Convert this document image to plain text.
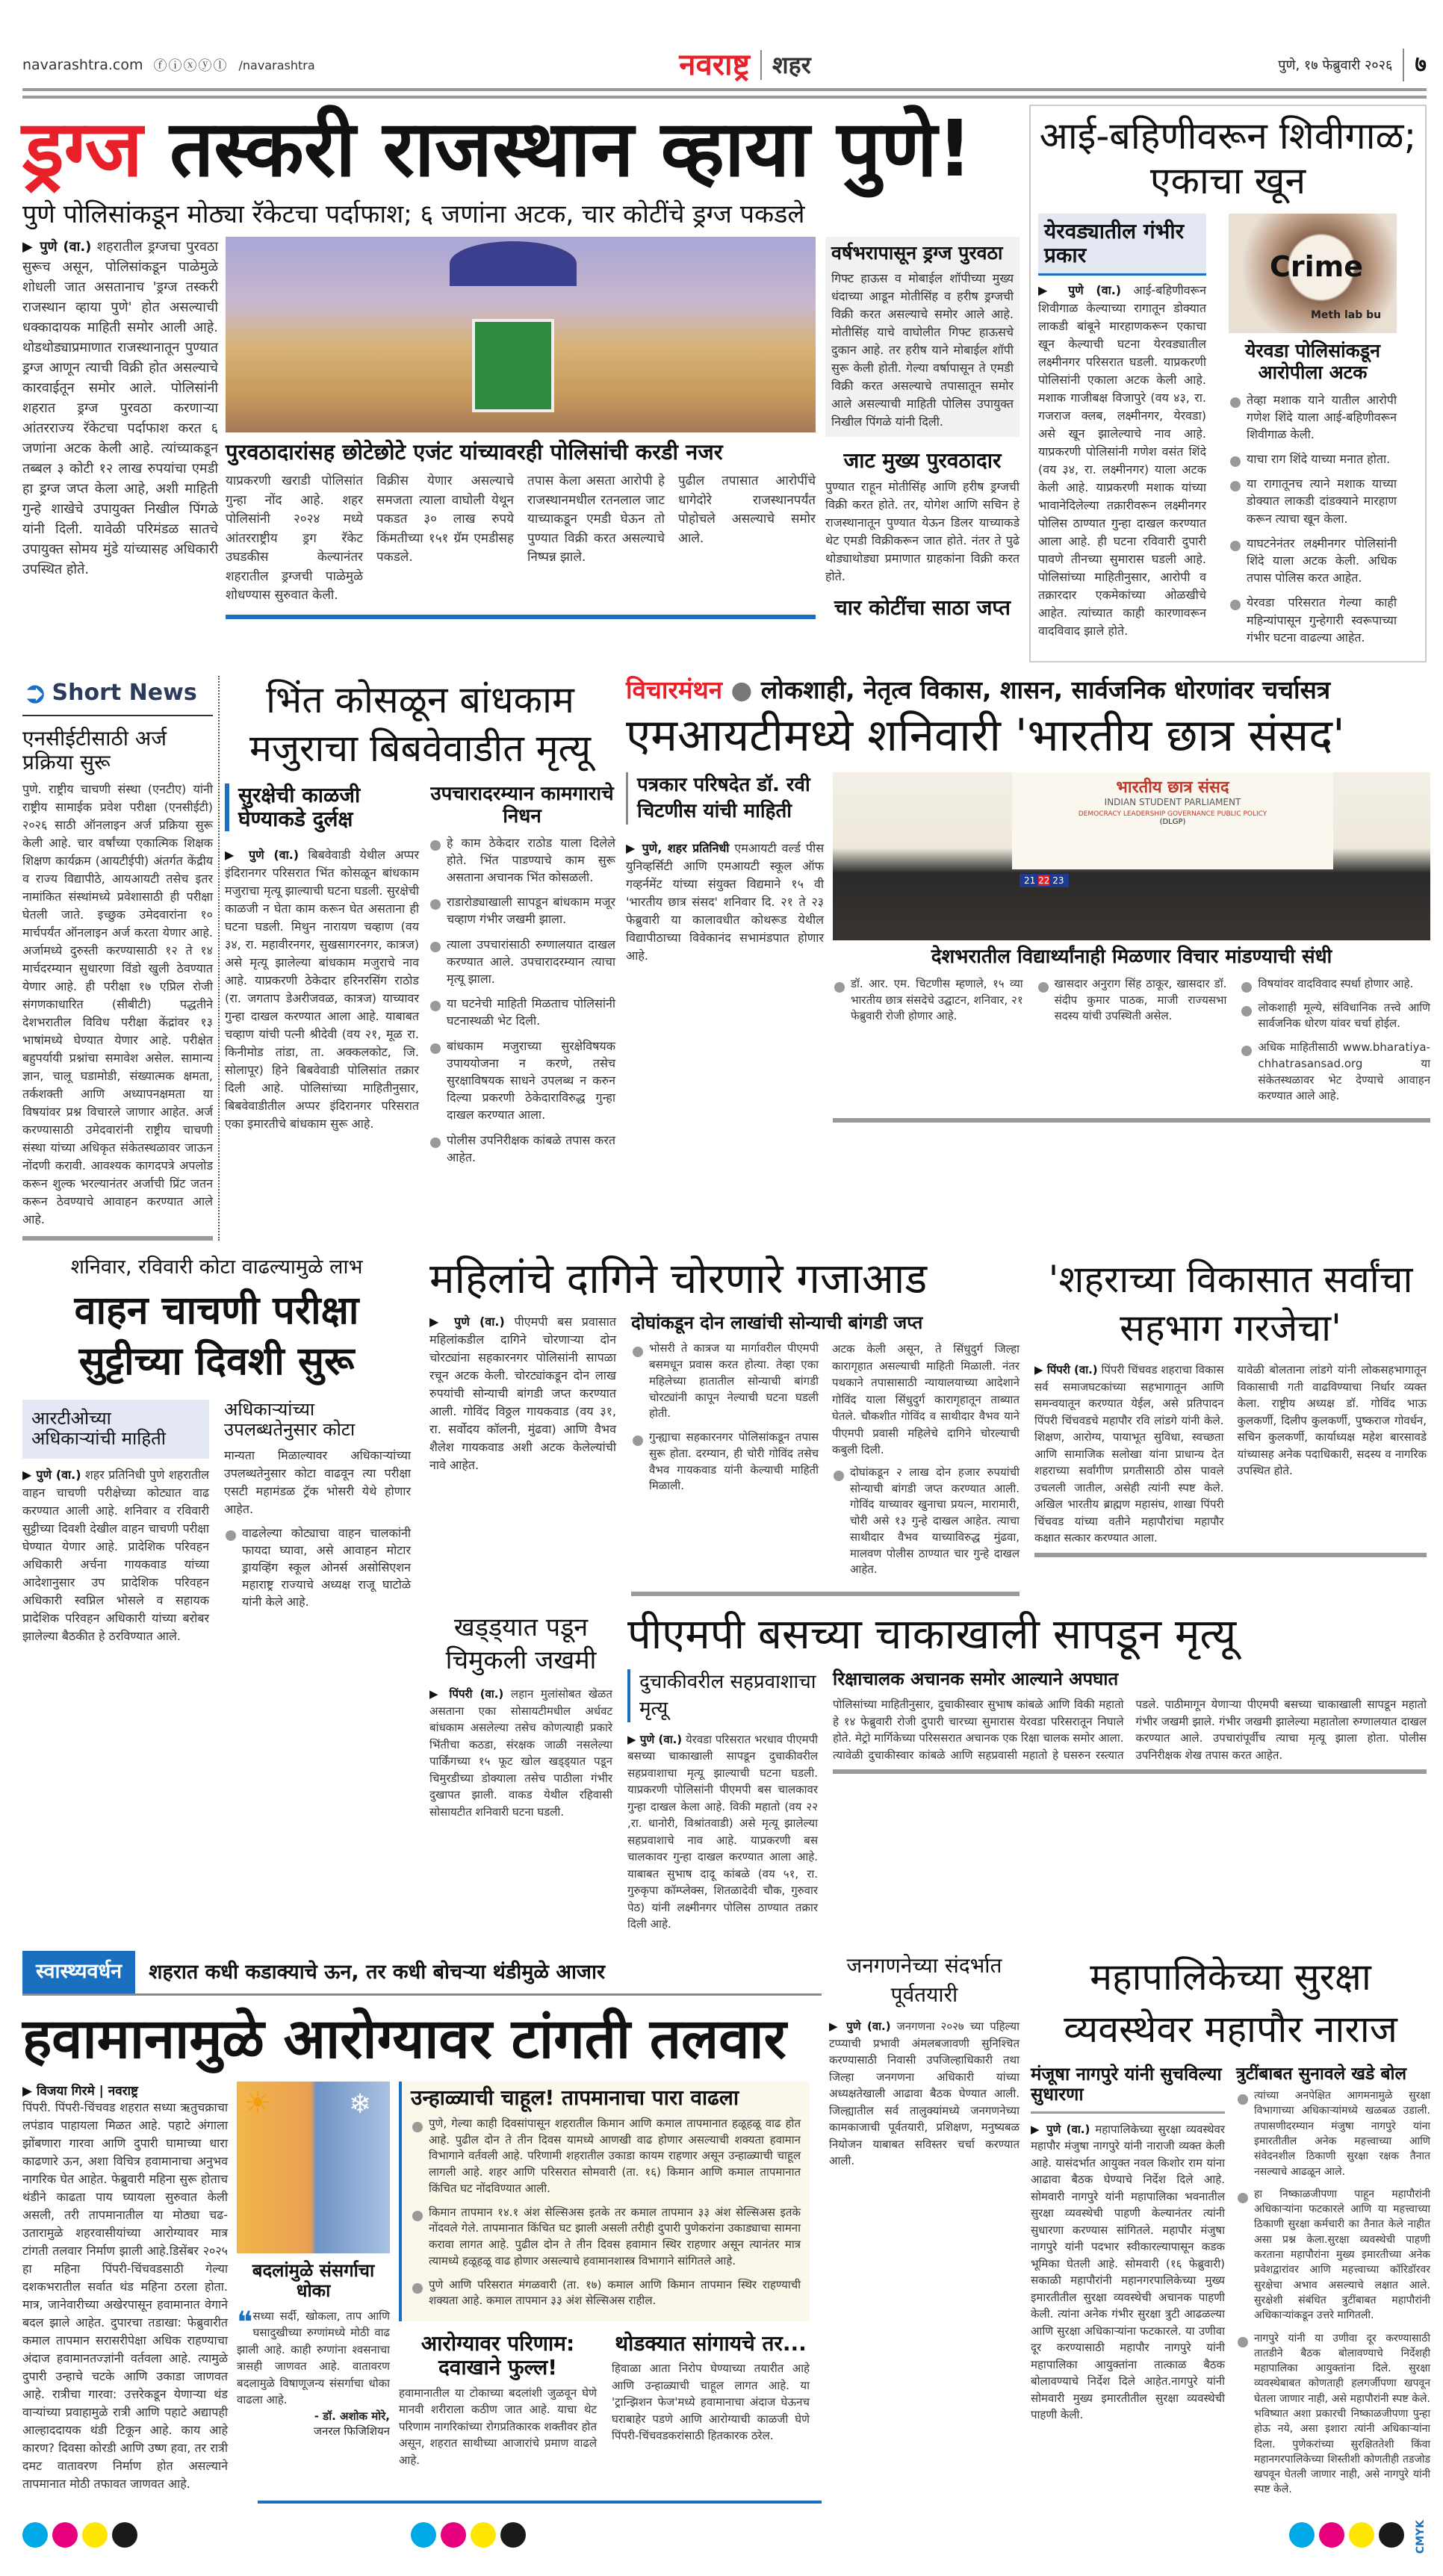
navarashtra.com ⓕⓘⓧⓨⓛ /navarashtra	नवराष्ट्र शहर	पुणे, १७ फेब्रुवारी २०२६ ७
ड्रग्ज तस्करी राजस्थान व्हाया पुणे!
पुणे पोलिसांकडून मोठ्या रॅकेटचा पर्दाफाश; ६ जणांना अटक, चार कोटींचे ड्रग्ज पकडले
▶ पुणे (वा.) शहरातील ड्रग्जचा पुरवठा सुरूच असून, पोलिसांकडून पाळेमुळे शोधली जात असतानाच 'ड्रग्ज तस्करी राजस्थान व्हाया पुणे' होत असल्याची धक्कादायक माहिती समोर आली आहे. थोडथोड्याप्रमाणात राजस्थानातून पुण्यात ड्रग्ज आणून त्याची विक्री होत असल्याचे कारवाईतून समोर आले. पोलिसांनी शहरात ड्रग्ज पुरवठा करणाऱ्या आंतरराज्य रॅकेटचा पर्दाफाश करत ६ जणांना अटक केली आहे. त्यांच्याकडून तब्बल ३ कोटी १२ लाख रुपयांचा एमडी हा ड्रग्ज जप्त केला आहे, अशी माहिती गुन्हे शाखेचे उपायुक्त निखील पिंगळे यांनी दिली. यावेळी परिमंडळ सातचे उपायुक्त सोमय मुंडे यांच्यासह अधिकारी उपस्थित होते.
पुरवठादारांसह छोटेछोटे एजंट यांच्यावरही पोलिसांची करडी नजर
याप्रकरणी खराडी पोलिसांत गुन्हा नोंद आहे. शहर पोलिसांनी २०२४ मध्ये आंतरराष्ट्रीय ड्रग रॅकेट उघडकीस केल्यानंतर शहरातील ड्रग्जची पाळेमुळे शोधण्यास सुरुवात केली.
विक्रीस येणार असल्याचे समजता त्याला वाघोली येथून पकडत ३० लाख रुपये किंमतीच्या १५१ ग्रॅम एमडीसह पकडले.
तपास केला असता आरोपी हे राजस्थानमधील रतनलाल जाट याच्याकडून एमडी घेऊन तो पुण्यात विक्री करत असल्याचे निष्पन्न झाले.
पुढील तपासात आरोपींचे धागेदोरे राजस्थानपर्यंत पोहोचले असल्याचे समोर आले.
वर्षभरापासून ड्रग्ज पुरवठा
गिफ्ट हाऊस व मोबाईल शॉपीच्या मुख्य धंदाच्या आडून मोतीसिंह व हरीष ड्रग्जची विक्री करत असल्याचे समोर आले आहे. मोतीसिंह याचे वाघोलीत गिफ्ट हाऊसचे दुकान आहे. तर हरीष याने मोबाईल शॉपी सुरू केली होती. गेल्या वर्षापासून ते एमडी विक्री करत असल्याचे तपासातून समोर आले असल्याची माहिती पोलिस उपायुक्त निखील पिंगळे यांनी दिली.
जाट मुख्य पुरवठादार
पुण्यात राहून मोतीसिंह आणि हरीष ड्रग्जची विक्री करत होते. तर, योगेश आणि सचिन हे राजस्थानातून पुण्यात येऊन डिलर याच्याकडे थेट एमडी विक्रीकरून जात होते. नंतर ते पुढे थोड्याथोड्या प्रमाणात ग्राहकांना विक्री करत होते.
चार कोटींचा साठा जप्त
आई-बहिणीवरून शिवीगाळ; एकाचा खून
येरवड्यातील गंभीर प्रकार
▶ पुणे (वा.) आई-बहिणीवरून शिवीगाळ केल्याच्या रागातून डोक्यात लाकडी बांबूने मारहाणकरून एकाचा खून केल्याची घटना येरवड्यातील लक्ष्मीनगर परिसरात घडली. याप्रकरणी पोलिसांनी एकाला अटक केली आहे. मशाक गाजीबक्ष विजापुरे (वय ४३, रा. गजराज क्लब, लक्ष्मीनगर, येरवडा) असे खून झालेल्याचे नाव आहे. याप्रकरणी पोलिसांनी गणेश वसंत शिंदे (वय ३४, रा. लक्ष्मीनगर) याला अटक केली आहे. याप्रकरणी मशाक यांच्या भावानेदिलेल्या तक्रारीवरून लक्ष्मीनगर पोलिस ठाण्यात गुन्हा दाखल करण्यात आला आहे. ही घटना रविवारी दुपारी पावणे तीनच्या सुमारास घडली आहे. पोलिसांच्या माहितीनुसार, आरोपी व तक्रारदार एकमेकांच्या ओळखीचे आहेत. त्यांच्यात काही कारणावरून वादविवाद झाले होते.
Crime
Meth lab bu
येरवडा पोलिसांकडून आरोपीला अटक
तेव्हा मशाक याने यातील आरोपी गणेश शिंदे याला आई-बहिणीवरून शिवीगाळ केली.
याचा राग शिंदे याच्या मनात होता.
या रागातूनच त्याने मशाक याच्या डोक्यात लाकडी दांडक्याने मारहाण करून त्याचा खून केला.
याघटनेनंतर लक्ष्मीनगर पोलिसांनी शिंदे याला अटक केली. अधिक तपास पोलिस करत आहेत.
येरवडा परिसरात गेल्या काही महिन्यांपासून गुन्हेगारी स्वरूपाच्या गंभीर घटना वाढल्या आहेत.
➲ Short News
एनसीईटीसाठी अर्ज प्रक्रिया सुरू
पुणे. राष्ट्रीय चाचणी संस्था (एनटीए) यांनी राष्ट्रीय सामाईक प्रवेश परीक्षा (एनसीईटी) २०२६ साठी ऑनलाइन अर्ज प्रक्रिया सुरू केली आहे. चार वर्षांच्या एकात्मिक शिक्षक शिक्षण कार्यक्रम (आयटीईपी) अंतर्गत केंद्रीय व राज्य विद्यापीठे, आयआयटी तसेच इतर नामांकित संस्थांमध्ये प्रवेशासाठी ही परीक्षा घेतली जाते. इच्छुक उमेदवारांना १० मार्चपर्यंत ऑनलाइन अर्ज करता येणार आहे. अर्जामध्ये दुरुस्ती करण्यासाठी १२ ते १४ मार्चदरम्यान सुधारणा विंडो खुली ठेवण्यात येणार आहे. ही परीक्षा १७ एप्रिल रोजी संगणकाधारित (सीबीटी) पद्धतीने देशभरातील विविध परीक्षा केंद्रांवर १३ भाषांमध्ये घेण्यात येणार आहे. परीक्षेत बहुपर्यायी प्रश्नांचा समावेश असेल. सामान्य ज्ञान, चालू घडामोडी, संख्यात्मक क्षमता, तर्कशक्ती आणि अध्यापनक्षमता या विषयांवर प्रश्न विचारले जाणार आहेत. अर्ज करण्यासाठी उमेदवारांनी राष्ट्रीय चाचणी संस्था यांच्या अधिकृत संकेतस्थळावर जाऊन नोंदणी करावी. आवश्यक कागदपत्रे अपलोड करून शुल्क भरल्यानंतर अर्जाची प्रिंट जतन करून ठेवण्याचे आवाहन करण्यात आले आहे.
भिंत कोसळून बांधकाम मजुराचा बिबवेवाडीत मृत्यू
सुरक्षेची काळजी घेण्याकडे दुर्लक्ष
▶ पुणे (वा.) बिबवेवाडी येथील अप्पर इंदिरानगर परिसरात भिंत कोसळून बांधकाम मजुराचा मृत्यू झाल्याची घटना घडली. सुरक्षेची काळजी न घेता काम करून घेत असताना ही घटना घडली. मिथुन नारायण चव्हाण (वय ३४, रा. महावीरनगर, सुखसागरनगर, कात्रज) असे मृत्यू झालेल्या बांधकाम मजुराचे नाव आहे. याप्रकरणी ठेकेदार हरिनरसिंग राठोड (रा. जगताप डेअरीजवळ, कात्रज) याच्यावर गुन्हा दाखल करण्यात आला आहे. याबाबत चव्हाण यांची पत्नी श्रीदेवी (वय २१, मूळ रा. किनीमोड तांडा, ता. अक्कलकोट, जि. सोलापूर) हिने बिबवेवाडी पोलिसांत तक्रार दिली आहे. पोलिसांच्या माहितीनुसार, बिबवेवाडीतील अप्पर इंदिरानगर परिसरात एका इमारतीचे बांधकाम सुरू आहे.
उपचारादरम्यान कामगाराचे निधन
हे काम ठेकेदार राठोड याला दिलेले होते. भिंत पाडण्याचे काम सुरू असताना अचानक भिंत कोसळली.
राडारोड्याखाली सापडून बांधकाम मजूर चव्हाण गंभीर जखमी झाला.
त्याला उपचारांसाठी रुग्णालयात दाखल करण्यात आले. उपचारादरम्यान त्याचा मृत्यू झाला.
या घटनेची माहिती मिळताच पोलिसांनी घटनास्थळी भेट दिली.
बांधकाम मजुराच्या सुरक्षेविषयक उपाययोजना न करणे, तसेच सुरक्षाविषयक साधने उपलब्ध न करुन दिल्या प्रकरणी ठेकेदाराविरुद्ध गुन्हा दाखल करण्यात आला.
पोलीस उपनिरीक्षक कांबळे तपास करत आहेत.
विचारमंथन ● लोकशाही, नेतृत्व विकास, शासन, सार्वजनिक धोरणांवर चर्चासत्र
एमआयटीमध्ये शनिवारी 'भारतीय छात्र संसद'
पत्रकार परिषदेत डॉ. रवी चिटणीस यांची माहिती
▶ पुणे, शहर प्रतिनिधी एमआयटी वर्ल्ड पीस युनिव्हर्सिटी आणि एमआयटी स्कूल ऑफ गव्हर्नमेंट यांच्या संयुक्त विद्यमाने १५ वी 'भारतीय छात्र संसद' शनिवार दि. २१ ते २३ फेब्रुवारी या कालावधीत कोथरूड येथील विद्यापीठाच्या विवेकानंद सभामंडपात होणार आहे.
भारतीय छात्र संसद
INDIAN STUDENT PARLIAMENT
DEMOCRACY LEADERSHIP GOVERNANCE PUBLIC POLICY
(DLGP)
21 22 23
देशभरातील विद्यार्थ्यांनाही मिळणार विचार मांडण्याची संधी
डॉ. आर. एम. चिटणीस म्हणाले, १५ व्या भारतीय छात्र संसदेचे उद्घाटन, शनिवार, २१ फेब्रुवारी रोजी होणार आहे.
खासदार अनुराग सिंह ठाकूर, खासदार डॉ. संदीप कुमार पाठक, माजी राज्यसभा सदस्य यांची उपस्थिती असेल.
विषयांवर वादविवाद स्पर्धा होणार आहे.
लोकशाही मूल्ये, संविधानिक तत्त्वे आणि सार्वजनिक धोरण यांवर चर्चा होईल.
अधिक माहितीसाठी www.bharatiya-chhatrasansad.org या संकेतस्थळावर भेट देण्याचे आवाहन करण्यात आले आहे.
शनिवार, रविवारी कोटा वाढल्यामुळे लाभ
वाहन चाचणी परीक्षा सुट्टीच्या दिवशी सुरू
आरटीओच्या अधिकाऱ्यांची माहिती
▶ पुणे (वा.) शहर प्रतिनिधी पुणे शहरातील वाहन चाचणी परीक्षेच्या कोट्यात वाढ करण्यात आली आहे. शनिवार व रविवारी सुट्टीच्या दिवशी देखील वाहन चाचणी परीक्षा घेण्यात येणार आहे. प्रादेशिक परिवहन अधिकारी अर्चना गायकवाड यांच्या आदेशानुसार उप प्रादेशिक परिवहन अधिकारी स्वप्निल भोसले व सहायक प्रादेशिक परिवहन अधिकारी यांच्या बरोबर झालेल्या बैठकीत हे ठरविण्यात आले.
अधिकाऱ्यांच्या उपलब्धतेनुसार कोटा
मान्यता मिळाल्यावर अधिकाऱ्यांच्या उपलब्धतेनुसार कोटा वाढवून त्या परीक्षा एसटी महामंडळ ट्रॅक भोसरी येथे होणार आहेत.
वाढलेल्या कोट्याचा वाहन चालकांनी फायदा घ्यावा, असे आवाहन मोटार ड्रायव्हिंग स्कूल ओनर्स असोसिएशन महाराष्ट्र राज्याचे अध्यक्ष राजू घाटोळे यांनी केले आहे.
महिलांचे दागिने चोरणारे गजाआड
▶ पुणे (वा.) पीएमपी बस प्रवासात महिलांकडील दागिने चोरणाऱ्या दोन चोरट्यांना सहकारनगर पोलिसांनी सापळा रचून अटक केली. चोरट्यांकडून दोन लाख रुपयांची सोन्याची बांगडी जप्त करण्यात आली. गोविंद विठ्ठल गायकवाड (वय ३१, रा. सर्वोदय कॉलनी, मुंढवा) आणि वैभव शैलेश गायकवाड अशी अटक केलेल्यांची नावे आहेत.
दोघांकडून दोन लाखांची सोन्याची बांगडी जप्त
भोसरी ते कात्रज या मार्गावरील पीएमपी बसमधून प्रवास करत होत्या. तेव्हा एका महिलेच्या हातातील सोन्याची बांगडी चोरट्यांनी कापून नेल्याची घटना घडली होती.
गुन्ह्याचा सहकारनगर पोलिसांकडून तपास सुरू होता. दरम्यान, ही चोरी गोविंद तसेच वैभव गायकवाड यांनी केल्याची माहिती मिळाली.
अटक केली असून, ते सिंधुदुर्ग जिल्हा कारागृहात असल्याची माहिती मिळाली. नंतर पथकाने तपासासाठी न्यायालयाच्या आदेशाने गोविंद याला सिंधुदुर्ग कारागृहातून ताब्यात घेतले. चौकशीत गोविंद व साथीदार वैभव याने पीएमपी प्रवासी महिलेचे दागिने चोरल्याची कबुली दिली.
दोघांकडून २ लाख दोन हजार रुपयांची सोन्याची बांगडी जप्त करण्यात आली. गोविंद याच्यावर खुनाचा प्रयत्न, मारामारी, चोरी असे १३ गुन्हे दाखल आहेत. त्याचा साथीदार वैभव याच्याविरुद्ध मुंढवा, मालवण पोलीस ठाण्यात चार गुन्हे दाखल आहेत.
'शहराच्या विकासात सर्वांचा सहभाग गरजेचा'
▶ पिंपरी (वा.) पिंपरी चिंचवड शहराचा विकास सर्व समाजघटकांच्या सहभागातून आणि समन्वयातून करण्यात येईल, असे प्रतिपादन पिंपरी चिंचवडचे महापौर रवि लांडगे यांनी केले. शिक्षण, आरोग्य, पायाभूत सुविधा, स्वच्छता आणि सामाजिक सलोखा यांना प्राधान्य देत शहराच्या सर्वांगीण प्रगतीसाठी ठोस पावले उचलली जातील, असेही त्यांनी स्पष्ट केले. अखिल भारतीय ब्राह्मण महासंघ, शाखा पिंपरी चिंचवड यांच्या वतीने महापौरांचा महापौर कक्षात सत्कार करण्यात आला.
यावेळी बोलताना लांडगे यांनी लोकसहभागातून विकासाची गती वाढविण्याचा निर्धार व्यक्त केला. राष्ट्रीय अध्यक्ष डॉ. गोविंद भाऊ कुलकर्णी, दिलीप कुलकर्णी, पुष्कराज गोवर्धन, सचिन कुलकर्णी, कार्याध्यक्ष महेश बारसावडे यांच्यासह अनेक पदाधिकारी, सदस्य व नागरिक उपस्थित होते.
खड्ड्यात पडून चिमुकली जखमी
▶ पिंपरी (वा.) लहान मुलांसोबत खेळत असताना एका सोसायटीमधील अर्धवट बांधकाम असलेल्या तसेच कोणत्याही प्रकारे भिंतीचा कठडा, संरक्षक जाळी नसलेल्या पार्किंगच्या १५ फूट खोल खड्ड्यात पडून चिमुरडीच्या डोक्याला तसेच पाठीला गंभीर दुखापत झाली. वाकड येथील रहिवासी सोसायटीत शनिवारी घटना घडली.
पीएमपी बसच्या चाकाखाली सापडून मृत्यू
दुचाकीवरील सहप्रवाशाचा मृत्यू
▶ पुणे (वा.) येरवडा परिसरात भरधाव पीएमपी बसच्या चाकाखाली सापडून दुचाकीवरील सहप्रवाशाचा मृत्यू झाल्याची घटना घडली. याप्रकरणी पोलिसांनी पीएमपी बस चालकावर गुन्हा दाखल केला आहे. विकी महातो (वय २२ ,रा. धानोरी, विश्रांतवाडी) असे मृत्यू झालेल्या सहप्रवाशाचे नाव आहे. याप्रकरणी बस चालकावर गुन्हा दाखल करण्यात आला आहे. याबाबत सुभाष दादू कांबळे (वय ५१, रा. गुरुकृपा कॉम्प्लेक्स, शितळादेवी चौक, गुरुवार पेठ) यांनी लक्ष्मीनगर पोलिस ठाण्यात तक्रार दिली आहे.
रिक्षाचालक अचानक समोर आल्याने अपघात
पोलिसांच्या माहितीनुसार, दुचाकीस्वार सुभाष कांबळे आणि विकी महातो हे १४ फेब्रुवारी रोजी दुपारी चारच्या सुमारास येरवडा परिसरातून निघाले होते. मेट्रो मार्गिकेच्या परिससरात अचानक एक रिक्षा चालक समोर आला. त्यावेळी दुचाकीस्वार कांबळे आणि सहप्रवासी महातो हे घसरुन रस्त्यात पडले. पाठीमागून येणाऱ्या पीएमपी बसच्या चाकाखाली सापडून महातो गंभीर जखमी झाले. गंभीर जखमी झालेल्या महातोला रुग्णालयात दाखल करण्यात आले. उपचारांपूर्वीच त्याचा मृत्यू झाला होता. पोलीस उपनिरीक्षक शेख तपास करत आहेत.
स्वास्थ्यवर्धन	शहरात कधी कडाक्याचे ऊन, तर कधी बोचऱ्या थंडीमुळे आजार
हवामानामुळे आरोग्यावर टांगती तलवार
▶ विजया गिरमे | नवराष्ट्र
पिंपरी. पिंपरी-चिंचवड शहरात सध्या ऋतुचक्राचा लपंडाव पाहायला मिळत आहे. पहाटे अंगाला झोंबणारा गारवा आणि दुपारी घामाच्या धारा काढणारे ऊन, अशा विचित्र हवामानाचा अनुभव नागरिक घेत आहेत. फेब्रुवारी महिना सुरू होताच थंडीने काढता पाय घ्यायला सुरुवात केली असली, तरी तापमानातील या मोठ्या चढ-उतारामुळे शहरवासीयांच्या आरोग्यावर मात्र टांगती तलवार निर्माण झाली आहे.डिसेंबर २०२५ हा महिना पिंपरी-चिंचवडसाठी गेल्या दशकभरातील सर्वात थंड महिना ठरला होता. मात्र, जानेवारीच्या अखेरपासून हवामानात वेगाने बदल झाले आहेत. दुपारचा तडाखा: फेब्रुवारीत कमाल तापमान सरासरीपेक्षा अधिक राहण्याचा अंदाज हवामानतज्ज्ञांनी वर्तवला आहे. त्यामुळे दुपारी उन्हाचे चटके आणि उकाडा जाणवत आहे. रात्रीचा गारवा: उत्तरेकडून येणाऱ्या थंड वाऱ्यांच्या प्रवाहामुळे रात्री आणि पहाटे अद्यापही आल्हाददायक थंडी टिकून आहे. काय आहे कारण? दिवसा कोरडी आणि उष्ण हवा, तर रात्री दमट वातावरण निर्माण होत असल्याने तापमानात मोठी तफावत जाणवत आहे.
☀	❄
बदलांमुळे संसर्गाचा धोका
❝ सध्या सर्दी, खोकला, ताप आणि घसादुखीच्या रुग्णांमध्ये मोठी वाढ झाली आहे. काही रुग्णांना श्वसनाचा त्रासही जाणवत आहे. वातावरण बदलामुळे विषाणूजन्य संसर्गाचा धोका वाढला आहे.
- डॉ. अशोक मोरे,
जनरल फिजिशियन
उन्हाळ्याची चाहूल! तापमानाचा पारा वाढला
पुणे, गेल्या काही दिवसांपासून शहरातील किमान आणि कमाल तापमानात हळूहळू वाढ होत आहे. पुढील दोन ते तीन दिवस यामध्ये आणखी वाढ होणार असल्याची शक्यता हवामान विभागाने वर्तवली आहे. परिणामी शहरातील उकाडा कायम राहणार असून उन्हाळ्याची चाहूल लागली आहे. शहर आणि परिसरात सोमवारी (ता. १६) किमान आणि कमाल तापमानात किंचित घट नोंदविण्यात आली.
किमान तापमान १४.१ अंश सेल्सिअस इतके तर कमाल तापमान ३३ अंश सेल्सिअस इतके नोंदवले गेले. तापमानात किंचित घट झाली असली तरीही दुपारी पुणेकरांना उकाड्याचा सामना करावा लागत आहे. पुढील दोन ते तीन दिवस हवामान स्थिर राहणार असून त्यानंतर मात्र त्यामध्ये हळूहळू वाढ होणार असल्याचे हवामानशास्त्र विभागाने सांगितले आहे.
पुणे आणि परिसरात मंगळवारी (ता. १७) कमाल आणि किमान तापमान स्थिर राहण्याची शक्यता आहे. कमाल तापमान ३३ अंश सेल्सिअस राहील.
आरोग्यावर परिणाम: दवाखाने फुल्ल!
हवामानातील या टोकाच्या बदलांशी जुळवून घेणे मानवी शरीराला कठीण जात आहे. याचा थेट परिणाम नागरिकांच्या रोगप्रतिकारक शक्तीवर होत असून, शहरात साथीच्या आजारांचे प्रमाण वाढले आहे.
थोडक्यात सांगायचे तर...
हिवाळा आता निरोप घेण्याच्या तयारीत आहे आणि उन्हाळ्याची चाहूल लागत आहे. या 'ट्रान्झिशन फेज'मध्ये हवामानाचा अंदाज घेऊनच घराबाहेर पडणे आणि आरोग्याची काळजी घेणे पिंपरी-चिंचवडकरांसाठी हितकारक ठरेल.
जनगणनेच्या संदर्भात पूर्वतयारी
▶ पुणे (वा.) जनगणना २०२७ च्या पहिल्या टप्प्याची प्रभावी अंमलबजावणी सुनिश्चित करण्यासाठी निवासी उपजिल्हाधिकारी तथा जिल्हा जनगणना अधिकारी यांच्या अध्यक्षतेखाली आढावा बैठक घेण्यात आली. जिल्ह्यातील सर्व तालुक्यांमध्ये जनगणनेच्या कामकाजाची पूर्वतयारी, प्रशिक्षण, मनुष्यबळ नियोजन याबाबत सविस्तर चर्चा करण्यात आली.
महापालिकेच्या सुरक्षा व्यवस्थेवर महापौर नाराज
मंजूषा नागपुरे यांनी सुचविल्या सुधारणा
▶ पुणे (वा.) महापालिकेच्या सुरक्षा व्यवस्थेवर महापौर मंजुषा नागपुरे यांनी नाराजी व्यक्त केली आहे. यासंदर्भात आयुक्त नवल किशोर राम यांना आढावा बैठक घेण्याचे निर्देश दिले आहे. सोमवारी नागपुरे यांनी महापालिका भवनातील सुरक्षा व्यवस्थेची पाहणी केल्यानंतर त्यांनी सुधारणा करण्यास सांगितले. महापौर मंजुषा नागपुरे यांनी पदभार स्वीकारल्यापासून कडक भूमिका घेतली आहे. सोमवारी (१६ फेब्रुवारी) सकाळी महापौरांनी महानगरपालिकेच्या मुख्य इमारतीतील सुरक्षा व्यवस्थेची अचानक पाहणी केली. त्यांना अनेक गंभीर सुरक्षा त्रुटी आढळल्या आणि सुरक्षा अधिकाऱ्यांना फटकारले. या उणीवा दूर करण्यासाठी महापौर नागपुरे यांनी महापालिका आयुक्तांना तात्काळ बैठक बोलावण्याचे निर्देश दिले आहेत.नागपुरे यांनी सोमवारी मुख्य इमारतीतील सुरक्षा व्यवस्थेची पाहणी केली.
त्रुटींबाबत सुनावले खडे बोल
त्यांच्या अनपेक्षित आगमनामुळे सुरक्षा विभागाच्या अधिकाऱ्यांमध्ये खळबळ उडाली. तपासणीदरम्यान मंजुषा नागपुरे यांना इमारतीतील अनेक महत्त्वाच्या आणि संवेदनशील ठिकाणी सुरक्षा रक्षक तैनात नसल्याचे आढळून आले.
हा निष्काळजीपणा पाहून महापौरांनी अधिकाऱ्यांना फटकारले आणि या महत्त्वाच्या ठिकाणी सुरक्षा कर्मचारी का तैनात केले नाहीत असा प्रश्न केला.सुरक्षा व्यवस्थेची पाहणी करताना महापौरांना मुख्य इमारतीच्या अनेक प्रवेशद्वारांवर आणि महत्त्वाच्या कॉरिडॉरवर सुरक्षेचा अभाव असल्याचे लक्षात आले. सुरक्षेशी संबंधित त्रुटींबाबत महापौरांनी अधिकाऱ्यांकडून उत्तरे मागितली.
नागपुरे यांनी या उणीवा दूर करण्यासाठी तातडीने बैठक बोलावण्याचे निर्देशही महापालिका आयुक्तांना दिले. सुरक्षा व्यवस्थेबाबत कोणताही हलगर्जीपणा खपवून घेतला जाणार नाही, असे महापौरांनी स्पष्ट केले. भविष्यात अशा प्रकारची निष्काळजीपणा पुन्हा होऊ नये, असा इशारा त्यांनी अधिकाऱ्यांना दिला. पुणेकरांच्या सुरक्षिततेशी किंवा महानगरपालिकेच्या शिस्तीशी कोणतीही तडजोड खपवून घेतली जाणार नाही, असे नागपुरे यांनी स्पष्ट केले.
CMYK
